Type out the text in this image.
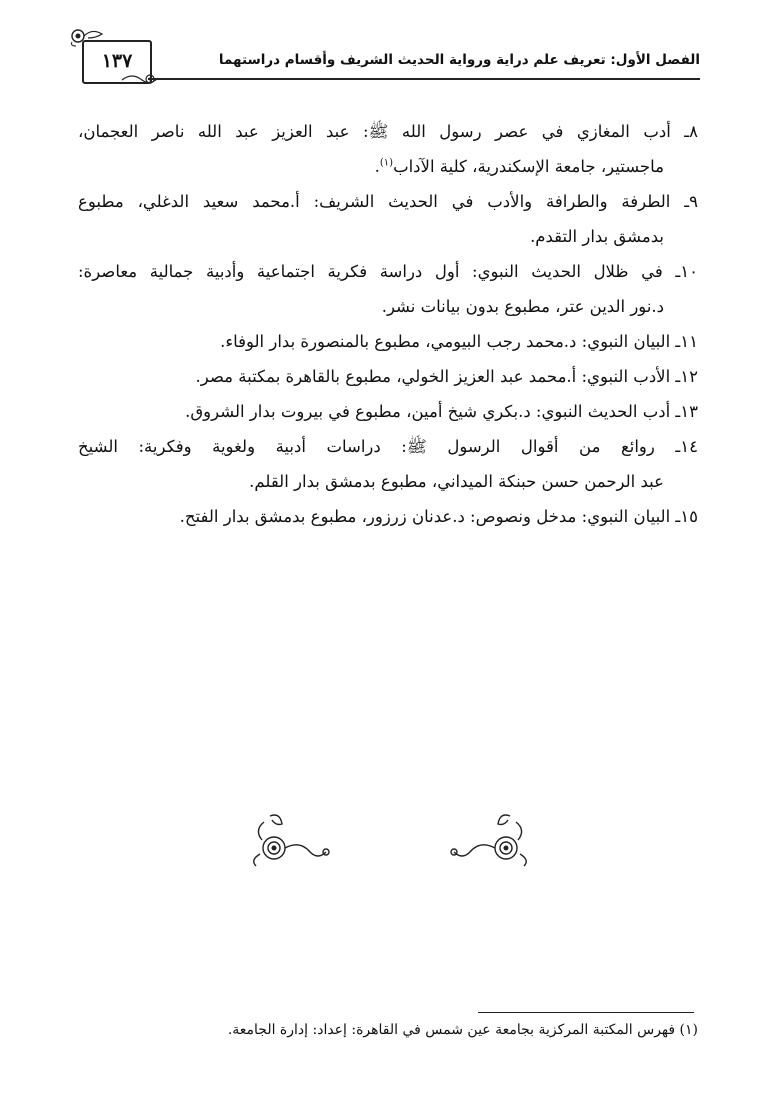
١٣٧	الفصل الأول: تعريف علم دراية ورواية الحديث الشريف وأقسام دراستهما
٨ـ أدب المغازي في عصر رسول الله ﷺ: عبد العزيز عبد الله ناصر العجمان،
ماجستير، جامعة الإسكندرية، كلية الآداب$^{(١)}$.
٩ـ الطرفة والطرافة والأدب في الحديث الشريف: أ.محمد سعيد الدغلي، مطبوع
بدمشق بدار التقدم.
١٠ـ في ظلال الحديث النبوي: أول دراسة فكرية اجتماعية وأدبية جمالية معاصرة:
د.نور الدين عتر، مطبوع بدون بيانات نشر.
١١ـ البيان النبوي: د.محمد رجب البيومي، مطبوع بالمنصورة بدار الوفاء.
١٢ـ الأدب النبوي: أ.محمد عبد العزيز الخولي، مطبوع بالقاهرة بمكتبة مصر.
١٣ـ أدب الحديث النبوي: د.بكري شيخ أمين، مطبوع في بيروت بدار الشروق.
١٤ـ روائع من أقوال الرسول ﷺ: دراسات أدبية ولغوية وفكرية: الشيخ
عبد الرحمن حسن حبنكة الميداني، مطبوع بدمشق بدار القلم.
١٥ـ البيان النبوي: مدخل ونصوص: د.عدنان زرزور، مطبوع بدمشق بدار الفتح.
(١) فهرس المكتبة المركزية بجامعة عين شمس في القاهرة: إعداد: إدارة الجامعة.
